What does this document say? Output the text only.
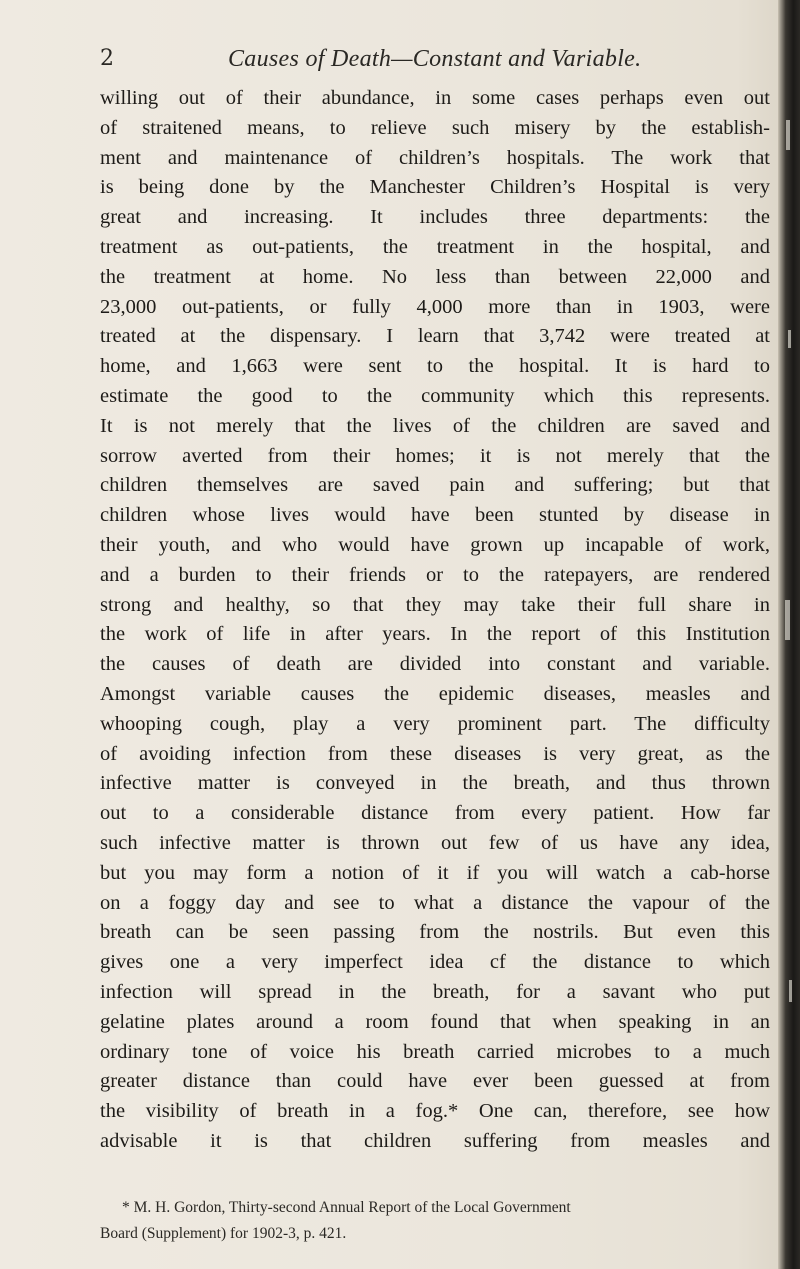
2	Causes of Death—Constant and Variable.
willing out of their abundance, in some cases perhaps even out
of straitened means, to relieve such misery by the establish-
ment and maintenance of children’s hospitals. The work that
is being done by the Manchester Children’s Hospital is very
great and increasing. It includes three departments: the
treatment as out-patients, the treatment in the hospital, and
the treatment at home. No less than between 22,000 and
23,000 out-patients, or fully 4,000 more than in 1903, were
treated at the dispensary. I learn that 3,742 were treated at
home, and 1,663 were sent to the hospital. It is hard to
estimate the good to the community which this represents.
It is not merely that the lives of the children are saved and
sorrow averted from their homes; it is not merely that the
children themselves are saved pain and suffering; but that
children whose lives would have been stunted by disease in
their youth, and who would have grown up incapable of work,
and a burden to their friends or to the ratepayers, are rendered
strong and healthy, so that they may take their full share in
the work of life in after years. In the report of this Institution
the causes of death are divided into constant and variable.
Amongst variable causes the epidemic diseases, measles and
whooping cough, play a very prominent part. The difficulty
of avoiding infection from these diseases is very great, as the
infective matter is conveyed in the breath, and thus thrown
out to a considerable distance from every patient. How far
such infective matter is thrown out few of us have any idea,
but you may form a notion of it if you will watch a cab-horse
on a foggy day and see to what a distance the vapour of the
breath can be seen passing from the nostrils. But even this
gives one a very imperfect idea cf the distance to which
infection will spread in the breath, for a savant who put
gelatine plates around a room found that when speaking in an
ordinary tone of voice his breath carried microbes to a much
greater distance than could have ever been guessed at from
the visibility of breath in a fog.* One can, therefore, see how
advisable it is that children suffering from measles and
* M. H. Gordon, Thirty-second Annual Report of the Local Government
Board (Supplement) for 1902-3, p. 421.
